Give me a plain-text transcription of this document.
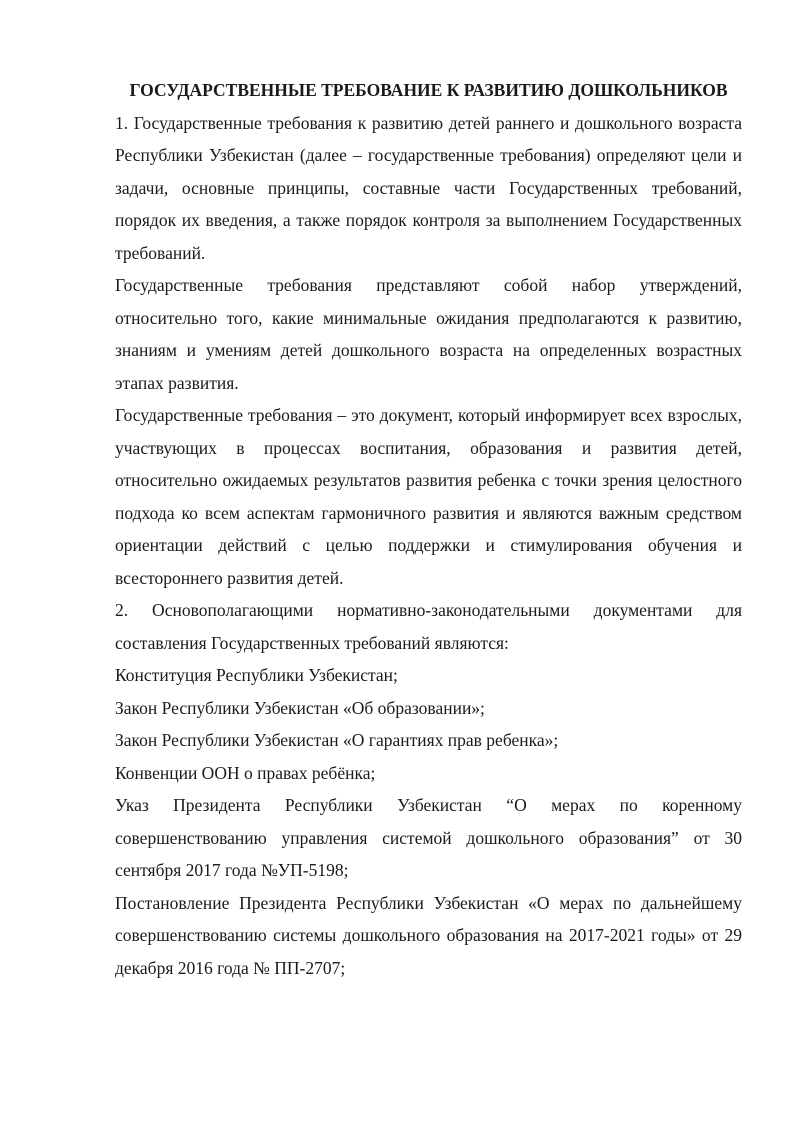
ГОСУДАРСТВЕННЫЕ ТРЕБОВАНИЕ К РАЗВИТИЮ ДОШКОЛЬНИКОВ

1. Государственные требования к развитию детей раннего и дошкольного возраста Республики Узбекистан (далее – государственные требования) определяют цели и задачи, основные принципы, составные части Государственных требований, порядок их введения, а также порядок контроля за выполнением Государственных требований.

Государственные требования представляют собой набор утверждений, относительно того, какие минимальные ожидания предполагаются к развитию, знаниям и умениям детей дошкольного возраста на определенных возрастных этапах развития.

Государственные требования – это документ, который информирует всех взрослых, участвующих в процессах воспитания, образования и развития детей, относительно ожидаемых результатов развития ребенка с точки зрения целостного подхода ко всем аспектам гармоничного развития и являются важным средством ориентации действий с целью поддержки и стимулирования обучения и всестороннего развития детей.

2. Основополагающими нормативно-законодательными документами для составления Государственных требований являются:

Конституция Республики Узбекистан;

Закон Республики Узбекистан «Об образовании»;

Закон Республики Узбекистан «О гарантиях прав ребенка»;

Конвенции ООН о правах ребёнка;

Указ Президента Республики Узбекистан “О мерах по коренному совершенствованию управления системой дошкольного образования” от 30 сентября 2017 года №УП-5198;

Постановление Президента Республики Узбекистан «О мерах по дальнейшему совершенствованию системы дошкольного образования на 2017-2021 годы» от 29 декабря 2016 года № ПП-2707;
